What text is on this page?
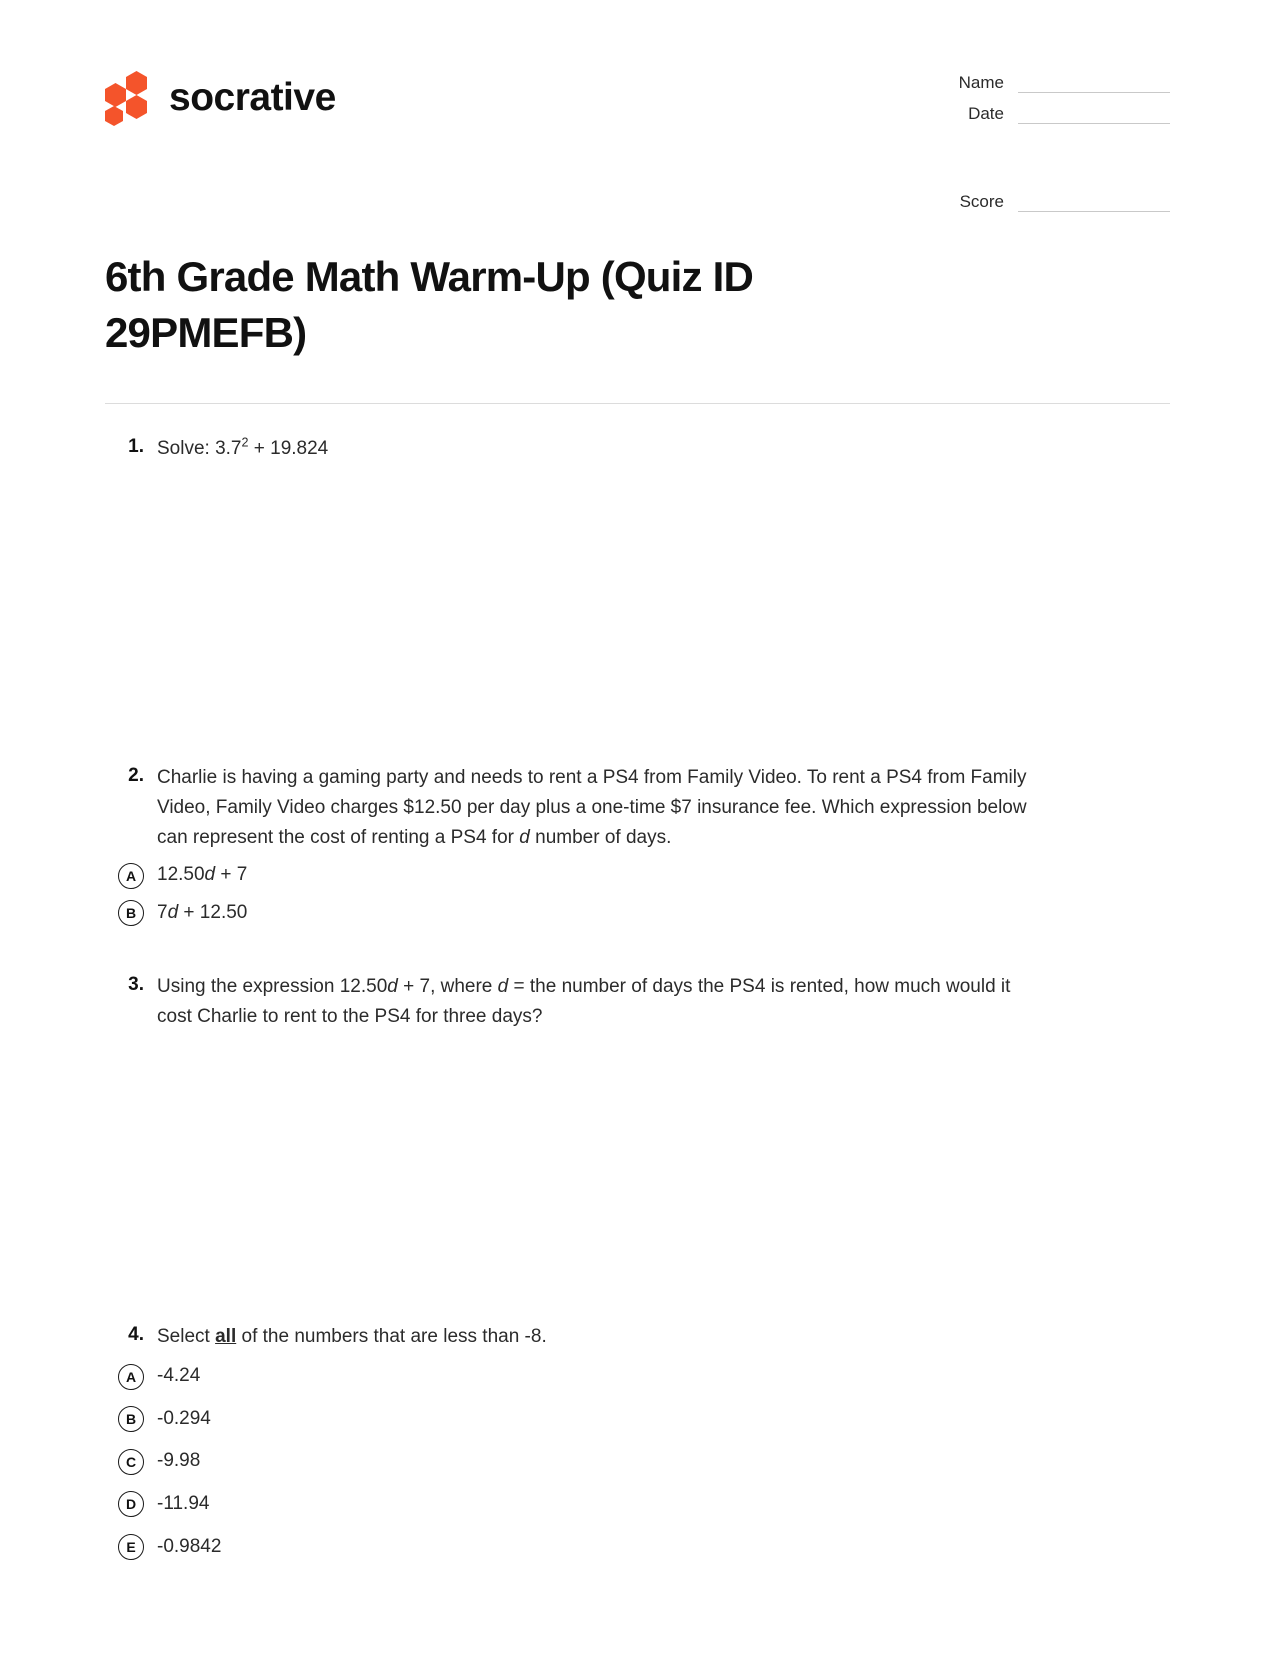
socrative	Name
Date
Score
6th Grade Math Warm-Up (Quiz ID 29PMEFB)
1. Solve: $3.7^2 + 19.824$
2. Charlie is having a gaming party and needs to rent a PS4 from Family Video. To rent a PS4 from Family Video, Family Video charges $12.50 per day plus a one-time $7 insurance fee. Which expression below can represent the cost of renting a PS4 for d number of days.
A	12.50d + 7
B	7d + 12.50
3. Using the expression 12.50d + 7, where d = the number of days the PS4 is rented, how much would it cost Charlie to rent to the PS4 for three days?
4. Select all of the numbers that are less than -8.
A	-4.24
B	-0.294
C	-9.98
D	-11.94
E	-0.9842
